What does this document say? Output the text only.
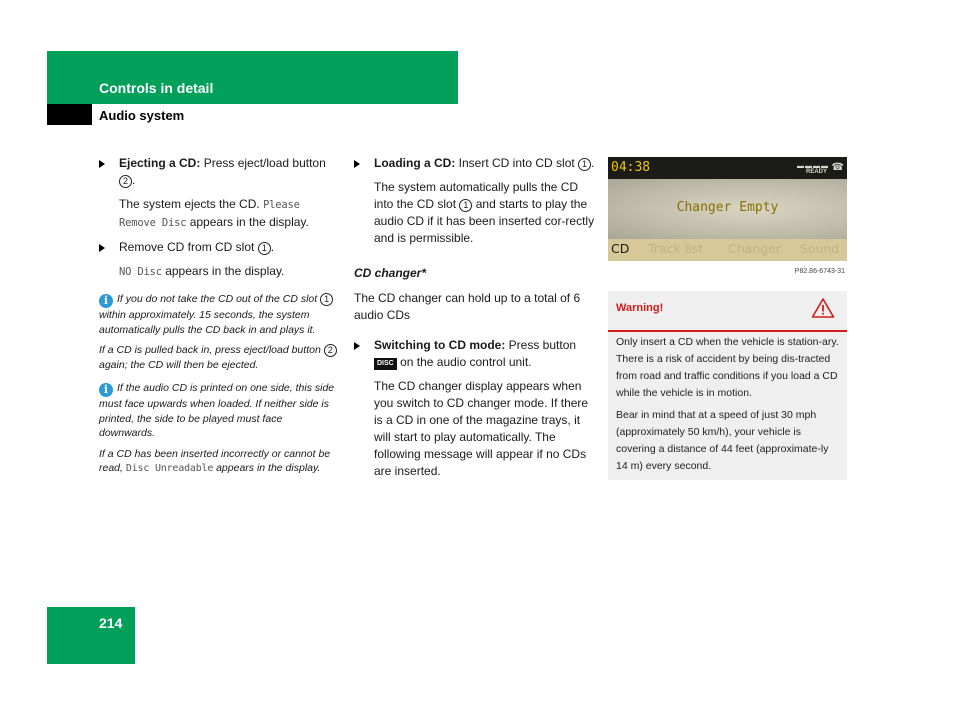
Controls in detail
Audio system
Ejecting a CD: Press eject/load button 2 .

The system ejects the CD. Please Remove Disc appears in the display.

Remove CD from CD slot 1 .

NO Disc appears in the display.

i If you do not take the CD out of the CD slot 1 within approximately. 15 seconds, the system automatically pulls the CD back in and plays it.

If a CD is pulled back in, press eject/load button 2 again; the CD will then be ejected.

i If the audio CD is printed on one side, this side must face upwards when loaded. If neither side is printed, the side to be played must face downwards.

If a CD has been inserted incorrectly or cannot be read, Disc Unreadable appears in the display.

Loading a CD: Insert CD into CD slot 1 .

The system automatically pulls the CD into the CD slot 1 and starts to play the audio CD if it has been inserted cor-rectly and is permissible.

CD changer*

The CD changer can hold up to a total of 6 audio CDs

Switching to CD mode: Press button DISC on the audio control unit.

The CD changer display appears when you switch to CD changer mode. If there is a CD in one of the magazine trays, it will start to play automatically. The following message will appear if no CDs are inserted.

04:38	▬▬▬▬
READY ☎
Changer Empty
CD Track list Changer Sound
P82.86-6743-31
Warning!

Only insert a CD when the vehicle is station-ary. There is a risk of accident by being dis-tracted from road and traffic conditions if you load a CD while the vehicle is in motion.

Bear in mind that at a speed of just 30 mph (approximately 50 km/h), your vehicle is covering a distance of 44 feet (approximate-ly 14 m) every second.

214
